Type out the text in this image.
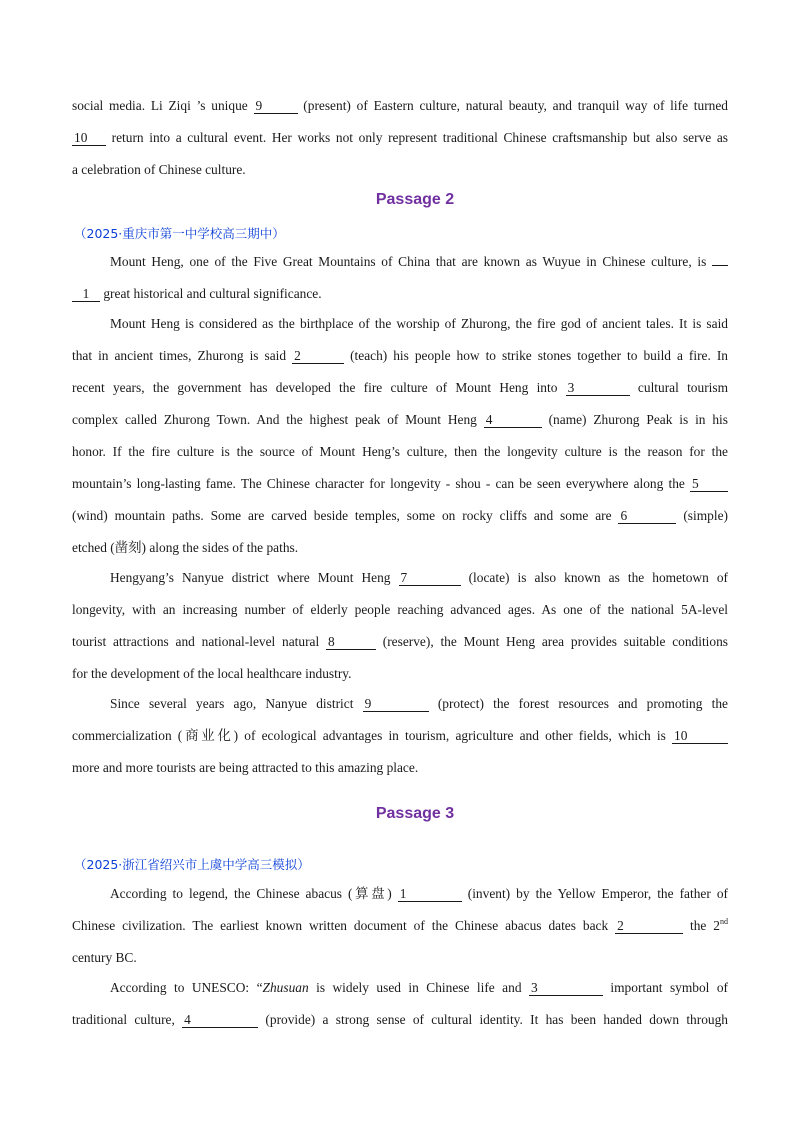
social media. Li Ziqi ’s unique 9	(present) of Eastern culture, natural beauty, and tranquil way of life turned
10 return into a cultural event. Her works not only represent traditional Chinese craftsmanship but also serve as
a celebration of Chinese culture.
Passage 2
（2025·重庆市第一中学校高三期中）
Mount Heng, one of the Five Great Mountains of China that are known as Wuyue in Chinese culture, is
1 great historical and cultural significance.
Mount Heng is considered as the birthplace of the worship of Zhurong, the fire god of ancient tales. It is said
that in ancient times, Zhurong is said 2	(teach) his people how to strike stones together to build a fire. In
recent years, the government has developed the fire culture of Mount Heng into 3	cultural tourism
complex called Zhurong Town. And the highest peak of Mount Heng 4	(name) Zhurong Peak is in his
honor. If the fire culture is the source of Mount Heng’s culture, then the longevity culture is the reason for the
mountain’s long-lasting fame. The Chinese character for longevity - shou - can be seen everywhere along the 5
(wind) mountain paths. Some are carved beside temples, some on rocky cliffs and some are 6	(simple)
etched (凿刻) along the sides of the paths.
Hengyang’s Nanyue district where Mount Heng 7	(locate) is also known as the hometown of
longevity, with an increasing number of elderly people reaching advanced ages. As one of the national 5A-level
tourist attractions and national-level natural 8	(reserve), the Mount Heng area provides suitable conditions
for the development of the local healthcare industry.
Since several years ago, Nanyue district 9	(protect) the forest resources and promoting the
commercialization (商业化) of ecological advantages in tourism, agriculture and other fields, which is 10
more and more tourists are being attracted to this amazing place.
Passage 3
（2025·浙江省绍兴市上虞中学高三模拟）
According to legend, the Chinese abacus (算盘) 1	(invent) by the Yellow Emperor, the father of
Chinese civilization. The earliest known written document of the Chinese abacus dates back 2	the 2nd
century BC.
According to UNESCO: “Zhusuan is widely used in Chinese life and 3	important symbol of
traditional culture, 4	(provide) a strong sense of cultural identity. It has been handed down through
